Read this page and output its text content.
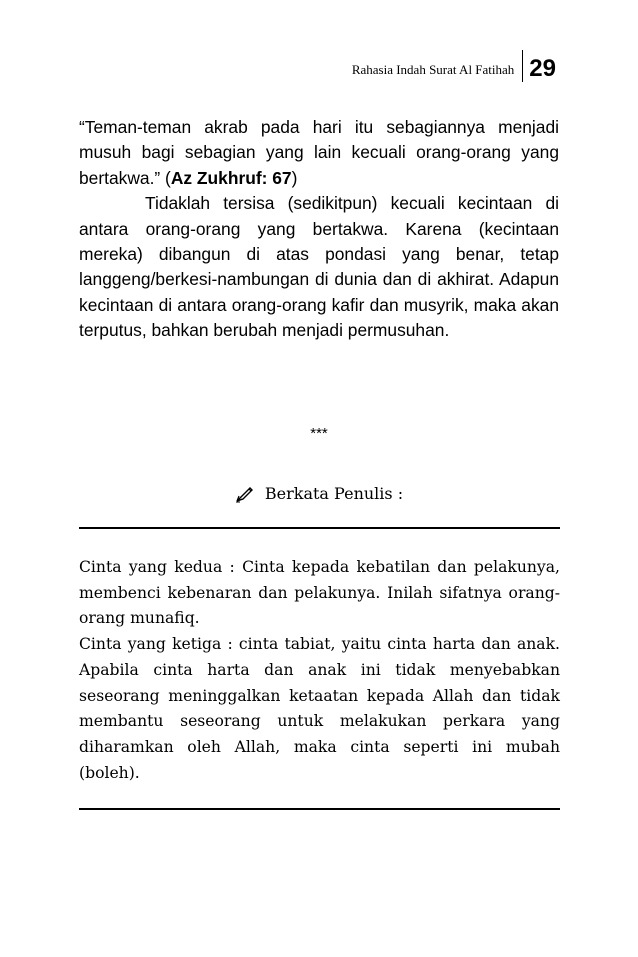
Rahasia Indah Surat Al Fatihah 29

“Teman-teman akrab pada hari itu sebagiannya menjadi musuh bagi sebagian yang lain kecuali orang-orang yang bertakwa.” (Az Zukhruf: 67)

Tidaklah tersisa (sedikitpun) kecuali kecintaan di antara orang-orang yang bertakwa. Karena (kecintaan mereka) dibangun di atas pondasi yang benar, tetap langgeng/berkesi-nambungan di dunia dan di akhirat. Adapun kecintaan di antara orang-orang kafir dan musyrik, maka akan terputus, bahkan berubah menjadi permusuhan.

***
Berkata Penulis :

Cinta yang kedua : Cinta kepada kebatilan dan pelakunya, membenci kebenaran dan pelakunya. Inilah sifatnya orang-orang munafiq.

Cinta yang ketiga : cinta tabiat, yaitu cinta harta dan anak. Apabila cinta harta dan anak ini tidak menyebabkan seseorang meninggalkan ketaatan kepada Allah dan tidak membantu seseorang untuk melakukan perkara yang diharamkan oleh Allah, maka cinta seperti ini mubah (boleh).
